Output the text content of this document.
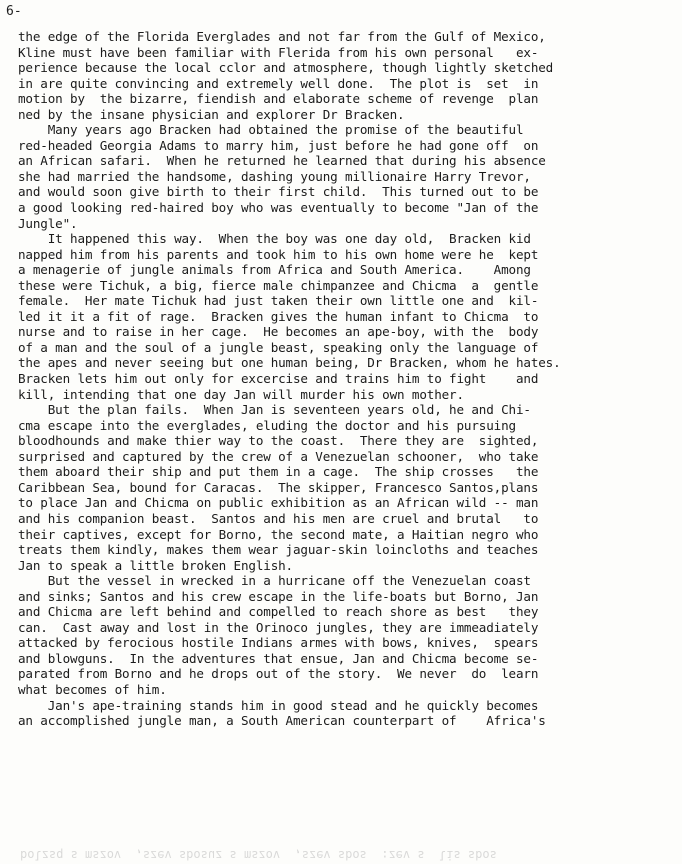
6-
the edge of the Florida Everglades and not far from the Gulf of Mexico,
Kline must have been familiar with Flerida from his own personal   ex-
perience because the local cclor and atmosphere, though lightly sketched
in are quite convincing and extremely well done.  The plot is  set  in
motion by  the bizarre, fiendish and elaborate scheme of revenge  plan
ned by the insane physician and explorer Dr Bracken.
Many years ago Bracken had obtained the promise of the beautiful
red-headed Georgia Adams to marry him, just before he had gone off  on
an African safari.  When he returned he learned that during his absence
she had married the handsome, dashing young millionaire Harry Trevor,
and would soon give birth to their first child.  This turned out to be
a good looking red-haired boy who was eventually to become "Jan of the
Jungle".
It happened this way.  When the boy was one day old,  Bracken kid
napped him from his parents and took him to his own home were he  kept
a menagerie of jungle animals from Africa and South America.    Among
these were Tichuk, a big, fierce male chimpanzee and Chicma  a  gentle
female.  Her mate Tichuk had just taken their own little one and  kil-
led it it a fit of rage.  Bracken gives the human infant to Chicma  to
nurse and to raise in her cage.  He becomes an ape-boy, with the  body
of a man and the soul of a jungle beast, speaking only the language of
the apes and never seeing but one human being, Dr Bracken, whom he hates.
Bracken lets him out only for excercise and trains him to fight    and
kill, intending that one day Jan will murder his own mother.
But the plan fails.  When Jan is seventeen years old, he and Chi-
cma escape into the everglades, eluding the doctor and his pursuing
bloodhounds and make thier way to the coast.  There they are  sighted,
surprised and captured by the crew of a Venezuelan schooner,  who take
them aboard their ship and put them in a cage.  The ship crosses   the
Caribbean Sea, bound for Caracas.  The skipper, Francesco Santos,plans
to place Jan and Chicma on public exhibition as an African wild -- man
and his companion beast.  Santos and his men are cruel and brutal   to
their captives, except for Borno, the second mate, a Haitian negro who
treats them kindly, makes them wear jaguar-skin loincloths and teaches
Jan to speak a little broken English.
But the vessel in wrecked in a hurricane off the Venezuelan coast
and sinks; Santos and his crew escape in the life-boats but Borno, Jan
and Chicma are left behind and compelled to reach shore as best   they
can.  Cast away and lost in the Orinoco jungles, they are immeadiately
attacked by ferocious hostile Indians armes with bows, knives,  spears
and blowguns.  In the adventures that ensue, Jan and Chicma become se-
parated from Borno and he drops out of the story.  We never  do  learn
what becomes of him.
Jan's ape-training stands him in good stead and he quickly becomes
an accomplished jungle man, a South American counterpart of    Africa's
bolzsq s mszov  ,szev sbosuz s mszov  ,szev sbos  :zev s  lis sbos
